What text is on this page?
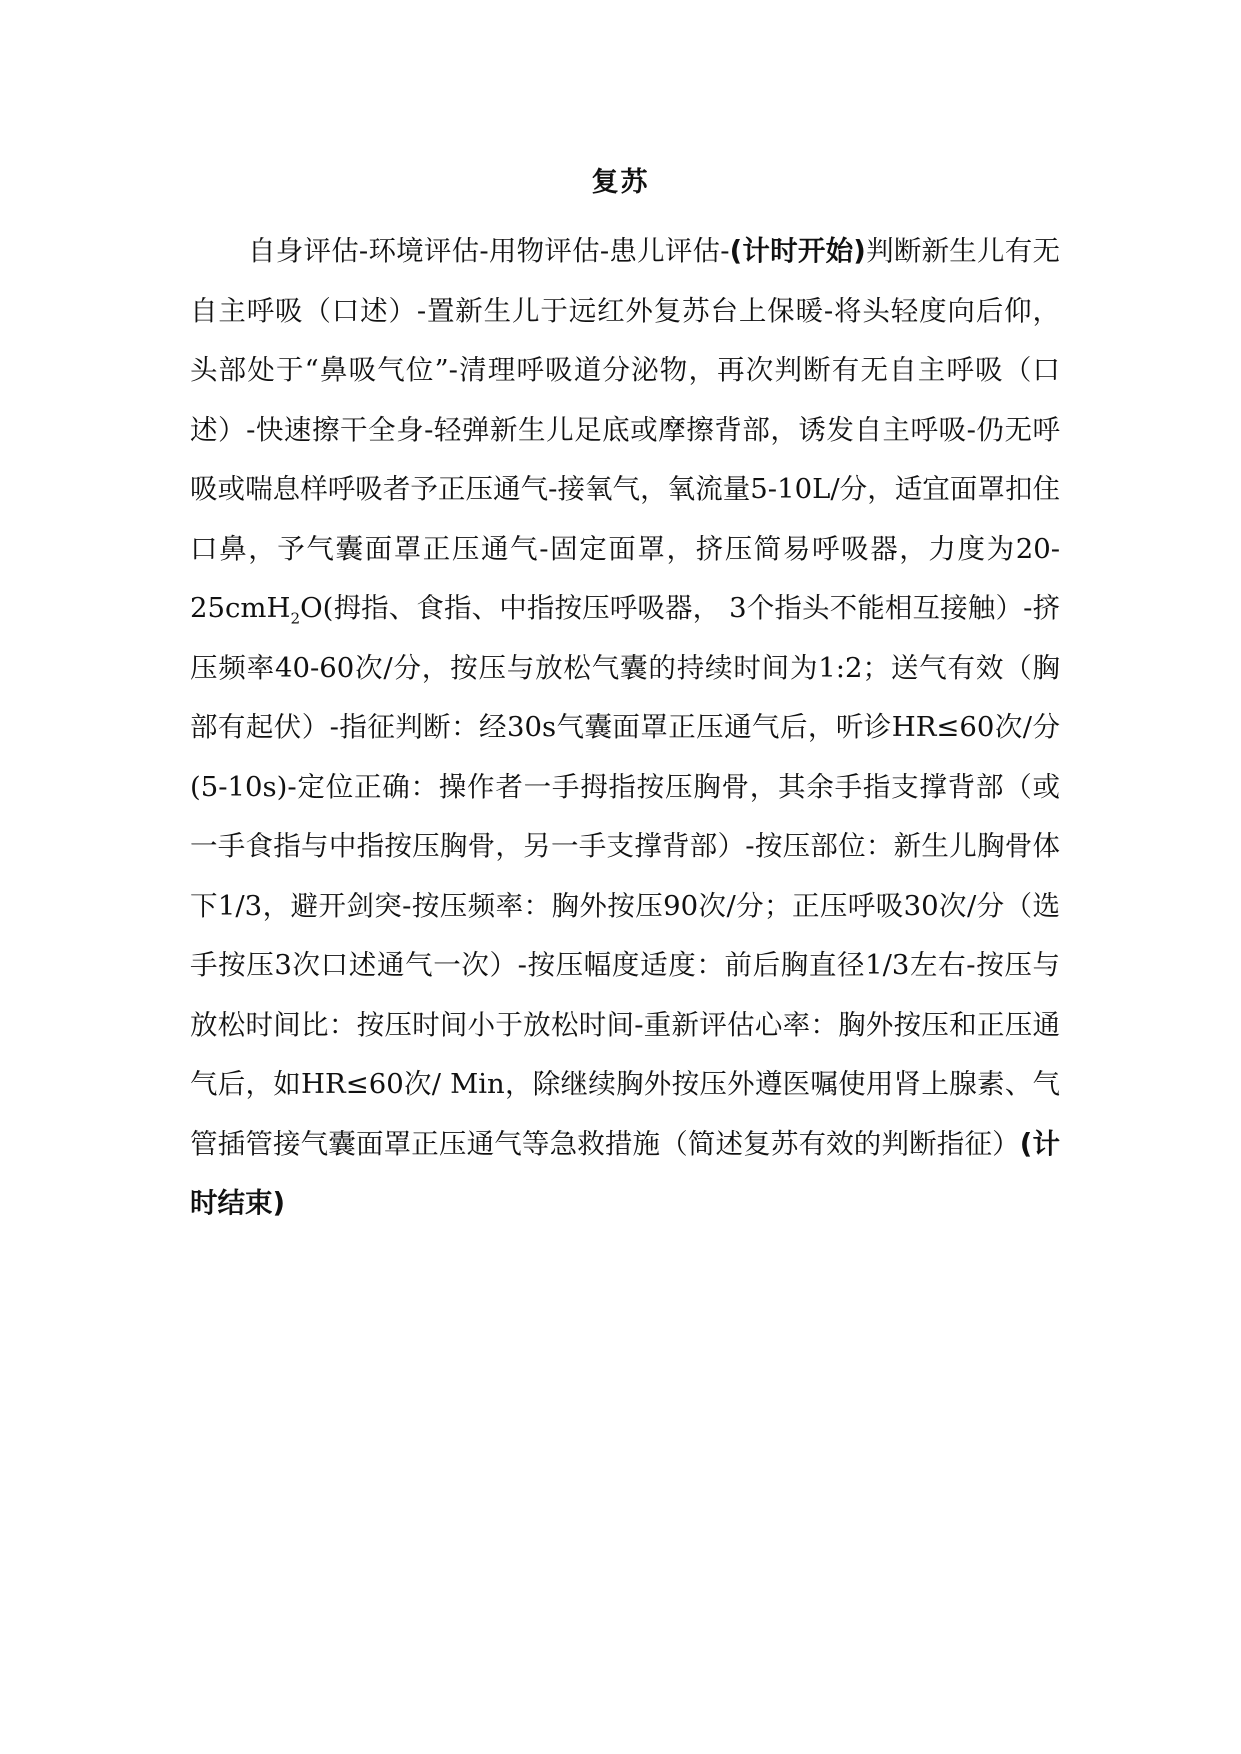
复苏

自身评估-环境评估-用物评估-患儿评估-(计时开始)判断新生儿有无自主呼吸（口述）-置新生儿于远红外复苏台上保暖-将头轻度向后仰，头部处于“鼻吸气位”-清理呼吸道分泌物，再次判断有无自主呼吸（口述）-快速擦干全身-轻弹新生儿足底或摩擦背部，诱发自主呼吸-仍无呼吸或喘息样呼吸者予正压通气-接氧气，氧流量5-10L/分，适宜面罩扣住口鼻，予气囊面罩正压通气-固定面罩，挤压简易呼吸器，力度为20-25cmH$_2$O(拇指、食指、中指按压呼吸器， 3个指头不能相互接触）-挤压频率40-60次/分，按压与放松气囊的持续时间为1:2；送气有效（胸部有起伏）-指征判断：经30s气囊面罩正压通气后，听诊HR≤60次/分(5-10s)-定位正确：操作者一手拇指按压胸骨，其余手指支撑背部（或一手食指与中指按压胸骨，另一手支撑背部）-按压部位：新生儿胸骨体下1/3，避开剑突-按压频率：胸外按压90次/分；正压呼吸30次/分（选手按压3次口述通气一次）-按压幅度适度：前后胸直径1/3左右-按压与放松时间比：按压时间小于放松时间-重新评估心率：胸外按压和正压通气后，如HR≤60次/ Min，除继续胸外按压外遵医嘱使用肾上腺素、气管插管接气囊面罩正压通气等急救措施（简述复苏有效的判断指征）(计时结束)
